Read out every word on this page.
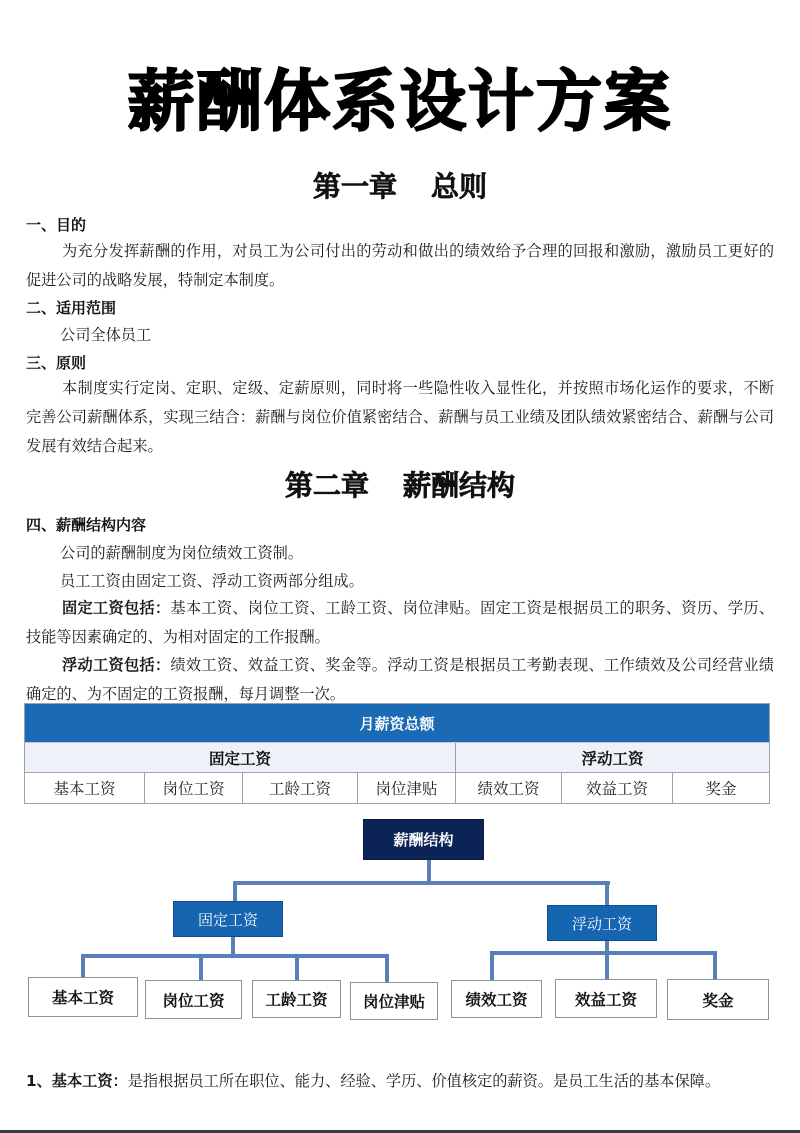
薪酬体系设计方案
第一章 总则
一、目的
为充分发挥薪酬的作用，对员工为公司付出的劳动和做出的绩效给予合理的回报和激励，激励员工更好的促进公司的战略发展，特制定本制度。
二、适用范围
公司全体员工
三、原则
本制度实行定岗、定职、定级、定薪原则，同时将一些隐性收入显性化，并按照市场化运作的要求，不断完善公司薪酬体系，实现三结合：薪酬与岗位价值紧密结合、薪酬与员工业绩及团队绩效紧密结合、薪酬与公司发展有效结合起来。
第二章 薪酬结构
四、薪酬结构内容
公司的薪酬制度为岗位绩效工资制。
员工工资由固定工资、浮动工资两部分组成。
固定工资包括：基本工资、岗位工资、工龄工资、岗位津贴。固定工资是根据员工的职务、资历、学历、技能等因素确定的、为相对固定的工作报酬。
浮动工资包括：绩效工资、效益工资、奖金等。浮动工资是根据员工考勤表现、工作绩效及公司经营业绩确定的、为不固定的工资报酬，每月调整一次。
月薪资总额
固定工资	浮动工资
基本工资	岗位工资	工龄工资	岗位津贴	绩效工资	效益工资	奖金
薪酬结构
固定工资	浮动工资
基本工资	岗位工资	工龄工资	岗位津贴	绩效工资	效益工资	奖金
1、基本工资：是指根据员工所在职位、能力、经验、学历、价值核定的薪资。是员工生活的基本保障。
